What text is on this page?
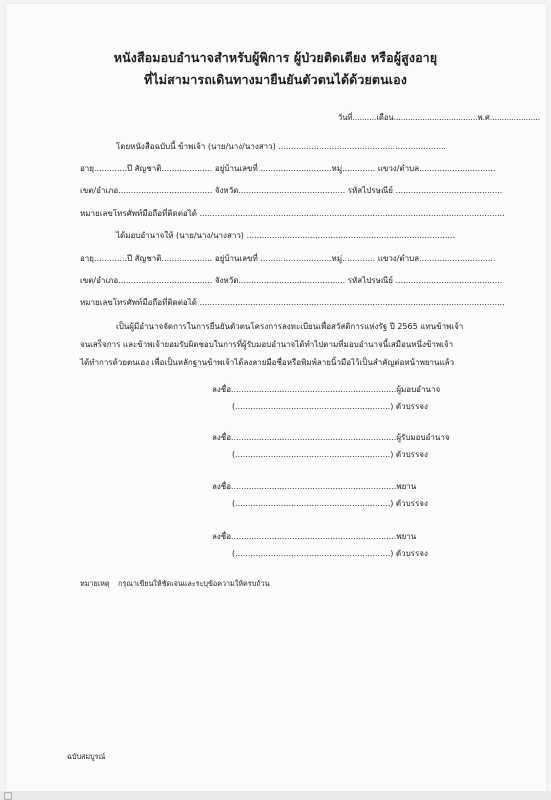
หนังสือมอบอำนาจสำหรับผู้พิการ ผู้ป่วยติดเตียง หรือผู้สูงอายุ
ที่ไม่สามารถเดินทางมายืนยันตัวตนได้ด้วยตนเอง
วันที่..........เดือน...................................พ.ศ.....................
โดยหนังสือฉบับนี้ ข้าพเจ้า (นาย/นาง/นางสาว) ..................................................................
อายุ.............ปี สัญชาติ.................... อยู่บ้านเลขที่ ............................หมู่............. แขวง/ตำบล..............................
เขต/อำเภอ..................................... จังหวัด.......................................... รหัสไปรษณีย์ ..........................................
หมายเลขโทรศัพท์มือถือที่ติดต่อได้ ........................................................................................................................
ได้มอบอำนาจให้ (นาย/นาง/นางสาว) ..................................................................................
อายุ.............ปี สัญชาติ.................... อยู่บ้านเลขที่ ............................หมู่............. แขวง/ตำบล..............................
เขต/อำเภอ..................................... จังหวัด.......................................... รหัสไปรษณีย์ ..........................................
หมายเลขโทรศัพท์มือถือที่ติดต่อได้ ........................................................................................................................
เป็นผู้มีอำนาจจัดการในการยืนยันตัวตนโครงการลงทะเบียนเพื่อสวัสดิการแห่งรัฐ ปี 2565 แทนข้าพเจ้า
จนเสร็จการ และข้าพเจ้ายอมรับผิดชอบในการที่ผู้รับมอบอำนาจได้ทำไปตามที่มอบอำนาจนี้เสมือนหนึ่งข้าพเจ้า
ได้ทำการด้วยตนเอง เพื่อเป็นหลักฐานข้าพเจ้าได้ลงลายมือชื่อหรือพิมพ์ลายนิ้วมือไว้เป็นสำคัญต่อหน้าพยานแล้ว
ลงชื่อ.................................................................ผู้มอบอำนาจ
(.............................................................) ตัวบรรจง
ลงชื่อ.................................................................ผู้รับมอบอำนาจ
(.............................................................) ตัวบรรจง
ลงชื่อ.................................................................พยาน
(.............................................................) ตัวบรรจง
ลงชื่อ.................................................................พยาน
(.............................................................) ตัวบรรจง
หมายเหตุ กรุณาเขียนให้ชัดเจนและระบุข้อความให้ครบถ้วน
ฉบับสมบูรณ์
